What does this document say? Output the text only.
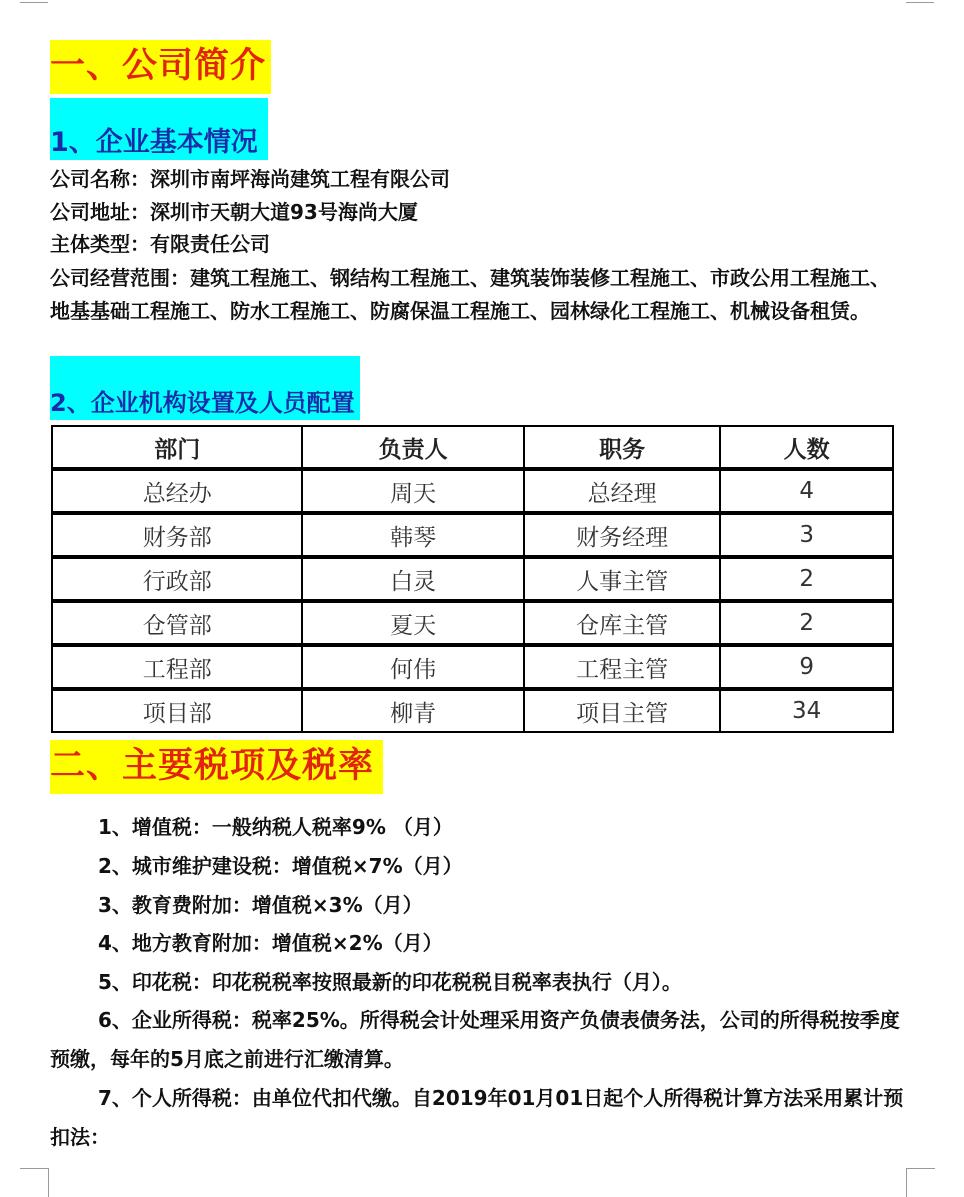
一、公司简介
1、企业基本情况
公司名称：深圳市南坪海尚建筑工程有限公司
公司地址：深圳市天朝大道93号海尚大厦
主体类型：有限责任公司
公司经营范围：建筑工程施工、钢结构工程施工、建筑装饰装修工程施工、市政公用工程施工、地基基础工程施工、防水工程施工、防腐保温工程施工、园林绿化工程施工、机械设备租赁。
2、企业机构设置及人员配置
部门	负责人	职务	人数
总经办	周天	总经理	4
财务部	韩琴	财务经理	3
行政部	白灵	人事主管	2
仓管部	夏天	仓库主管	2
工程部	何伟	工程主管	9
项目部	柳青	项目主管	34
二、主要税项及税率
1、增值税：一般纳税人税率9% （月）
2、城市维护建设税：增值税×7%（月）
3、教育费附加：增值税×3%（月）
4、地方教育附加：增值税×2%（月）
5、印花税：印花税税率按照最新的印花税税目税率表执行（月）。
6、企业所得税：税率25%。所得税会计处理采用资产负债表债务法，公司的所得税按季度预缴，每年的5月底之前进行汇缴清算。
7、个人所得税：由单位代扣代缴。自2019年01月01日起个人所得税计算方法采用累计预扣法：
